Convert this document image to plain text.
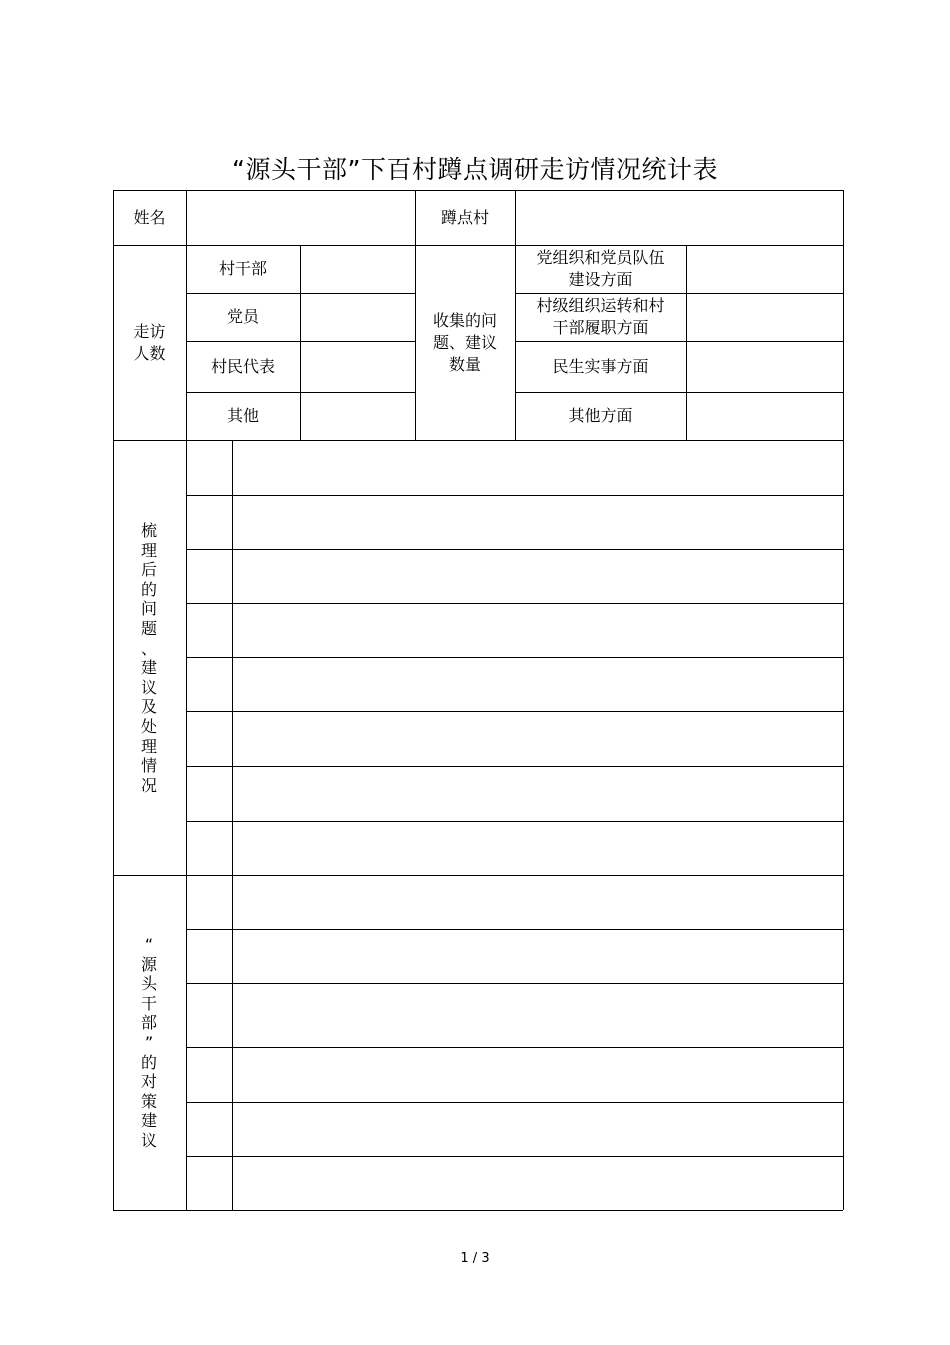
“源头干部”下百村蹲点调研走访情况统计表
姓名	蹲点村
走访
人数
村干部
党员
村民代表
其他
收集的问
题、建议
数量
党组织和党员队伍
建设方面
村级组织运转和村
干部履职方面
民生实事方面
其他方面
梳
理
后
的
问
题
、
建
议
及
处
理
情
况
“
源
头
干
部
”
的
对
策
建
议
1 / 3
